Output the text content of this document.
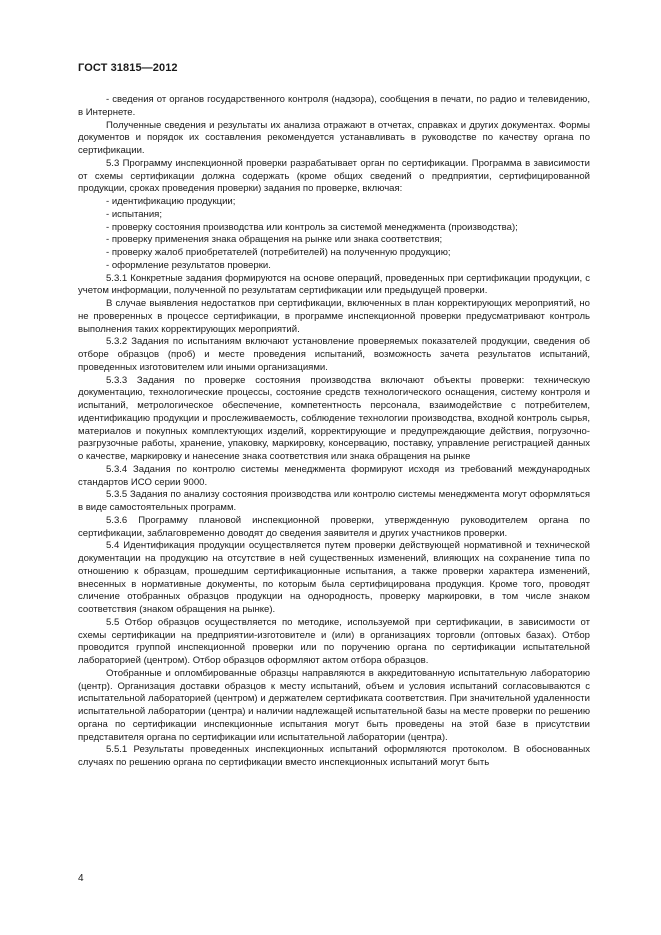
ГОСТ 31815—2012

- сведения от органов государственного контроля (надзора), сообщения в печати, по радио и телевидению, в Интернете.

Полученные сведения и результаты их анализа отражают в отчетах, справках и других документах. Формы документов и порядок их составления рекомендуется устанавливать в руководстве по качеству органа по сертификации.

5.3 Программу инспекционной проверки разрабатывает орган по сертификации. Программа в зависимости от схемы сертификации должна содержать (кроме общих сведений о предприятии, сертифицированной продукции, сроках проведения проверки) задания по проверке, включая:

- идентификацию продукции;

- испытания;

- проверку состояния производства или контроль за системой менеджмента (производства);

- проверку применения знака обращения на рынке или знака соответствия;

- проверку жалоб приобретателей (потребителей) на полученную продукцию;

- оформление результатов проверки.

5.3.1 Конкретные задания формируются на основе операций, проведенных при сертификации продукции, с учетом информации, полученной по результатам сертификации или предыдущей проверки.

В случае выявления недостатков при сертификации, включенных в план корректирующих мероприятий, но не проверенных в процессе сертификации, в программе инспекционной проверки предусматривают контроль выполнения таких корректирующих мероприятий.

5.3.2 Задания по испытаниям включают установление проверяемых показателей продукции, сведения об отборе образцов (проб) и месте проведения испытаний, возможность зачета результатов испытаний, проведенных изготовителем или иными организациями.

5.3.3 Задания по проверке состояния производства включают объекты проверки: техническую документацию, технологические процессы, состояние средств технологического оснащения, систему контроля и испытаний, метрологическое обеспечение, компетентность персонала, взаимодействие с потребителем, идентификацию продукции и прослеживаемость, соблюдение технологии производства, входной контроль сырья, материалов и покупных комплектующих изделий, корректирующие и предупреждающие действия, погрузочно-разгрузочные работы, хранение, упаковку, маркировку, консервацию, поставку, управление регистрацией данных о качестве, маркировку и нанесение знака соответствия или знака обращения на рынке

5.3.4 Задания по контролю системы менеджмента формируют исходя из требований международных стандартов ИСО серии 9000.

5.3.5 Задания по анализу состояния производства или контролю системы менеджмента могут оформляться в виде самостоятельных программ.

5.3.6 Программу плановой инспекционной проверки, утвержденную руководителем органа по сертификации, заблаговременно доводят до сведения заявителя и других участников проверки.

5.4 Идентификация продукции осуществляется путем проверки действующей нормативной и технической документации на продукцию на отсутствие в ней существенных изменений, влияющих на сохранение типа по отношению к образцам, прошедшим сертификационные испытания, а также проверки характера изменений, внесенных в нормативные документы, по которым была сертифицирована продукция. Кроме того, проводят сличение отобранных образцов продукции на однородность, проверку маркировки, в том числе знаком соответствия (знаком обращения на рынке).

5.5 Отбор образцов осуществляется по методике, используемой при сертификации, в зависимости от схемы сертификации на предприятии-изготовителе и (или) в организациях торговли (оптовых базах). Отбор проводится группой инспекционной проверки или по поручению органа по сертификации испытательной лабораторией (центром). Отбор образцов оформляют актом отбора образцов.

Отобранные и опломбированные образцы направляются в аккредитованную испытательную лабораторию (центр). Организация доставки образцов к месту испытаний, объем и условия испытаний согласовываются с испытательной лабораторией (центром) и держателем сертификата соответствия. При значительной удаленности испытательной лаборатории (центра) и наличии надлежащей испытательной базы на месте проверки по решению органа по сертификации инспекционные испытания могут быть проведены на этой базе в присутствии представителя органа по сертификации или испытательной лаборатории (центра).

5.5.1 Результаты проведенных инспекционных испытаний оформляются протоколом. В обоснованных случаях по решению органа по сертификации вместо инспекционных испытаний могут быть

4
